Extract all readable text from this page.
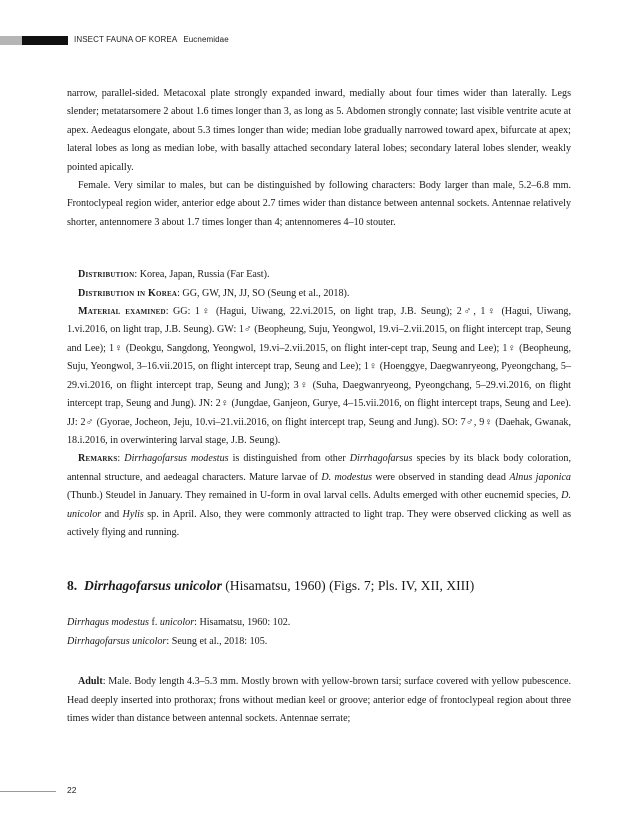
INSECT FAUNA OF KOREA Eucnemidae

narrow, parallel-sided. Metacoxal plate strongly expanded inward, medially about four times wider than laterally. Legs slender; metatarsomere 2 about 1.6 times longer than 3, as long as 5. Abdomen strongly connate; last visible ventrite acute at apex. Aedeagus elongate, about 5.3 times longer than wide; median lobe gradually narrowed toward apex, bifurcate at apex; lateral lobes as long as median lobe, with basally attached secondary lateral lobes; secondary lateral lobes slender, weakly pointed apically.

Female. Very similar to males, but can be distinguished by following characters: Body larger than male, 5.2–6.8 mm. Frontoclypeal region wider, anterior edge about 2.7 times wider than distance between antennal sockets. Antennae relatively shorter, antennomere 3 about 1.7 times longer than 4; antennomeres 4–10 stouter.

Distribution: Korea, Japan, Russia (Far East).

Distribution in Korea: GG, GW, JN, JJ, SO (Seung et al., 2018).

Material examined: GG: 1♀ (Hagui, Uiwang, 22.vi.2015, on light trap, J.B. Seung); 2♂, 1♀ (Hagui, Uiwang, 1.vi.2016, on light trap, J.B. Seung). GW: 1♂ (Beopheung, Suju, Yeongwol, 19.vi–2.vii.2015, on flight intercept trap, Seung and Lee); 1♀ (Deokgu, Sangdong, Yeongwol, 19.vi–2.vii.2015, on flight inter-cept trap, Seung and Lee); 1♀ (Beopheung, Suju, Yeongwol, 3–16.vii.2015, on flight intercept trap, Seung and Lee); 1♀ (Hoenggye, Daegwanryeong, Pyeongchang, 5–29.vi.2016, on flight intercept trap, Seung and Jung); 3♀ (Suha, Daegwanryeong, Pyeongchang, 5–29.vi.2016, on flight intercept trap, Seung and Jung). JN: 2♀ (Jungdae, Ganjeon, Gurye, 4–15.vii.2016, on flight intercept traps, Seung and Lee). JJ: 2♂ (Gyorae, Jocheon, Jeju, 10.vi–21.vii.2016, on flight intercept trap, Seung and Jung). SO: 7♂, 9♀ (Daehak, Gwanak, 18.i.2016, in overwintering larval stage, J.B. Seung).

Remarks: Dirrhagofarsus modestus is distinguished from other Dirrhagofarsus species by its black body coloration, antennal structure, and aedeagal characters. Mature larvae of D. modestus were observed in standing dead Alnus japonica (Thunb.) Steudel in January. They remained in U-form in oval larval cells. Adults emerged with other eucnemid species, D. unicolor and Hylis sp. in April. Also, they were commonly attracted to light trap. They were observed clicking as well as actively flying and running.

8. Dirrhagofarsus unicolor (Hisamatsu, 1960) (Figs. 7; Pls. IV, XII, XIII)

Dirrhagus modestus f. unicolor: Hisamatsu, 1960: 102.

Dirrhagofarsus unicolor: Seung et al., 2018: 105.

Adult: Male. Body length 4.3–5.3 mm. Mostly brown with yellow-brown tarsi; surface covered with yellow pubescence. Head deeply inserted into prothorax; frons without median keel or groove; anterior edge of frontoclypeal region about three times wider than distance between antennal sockets. Antennae serrate;

22
